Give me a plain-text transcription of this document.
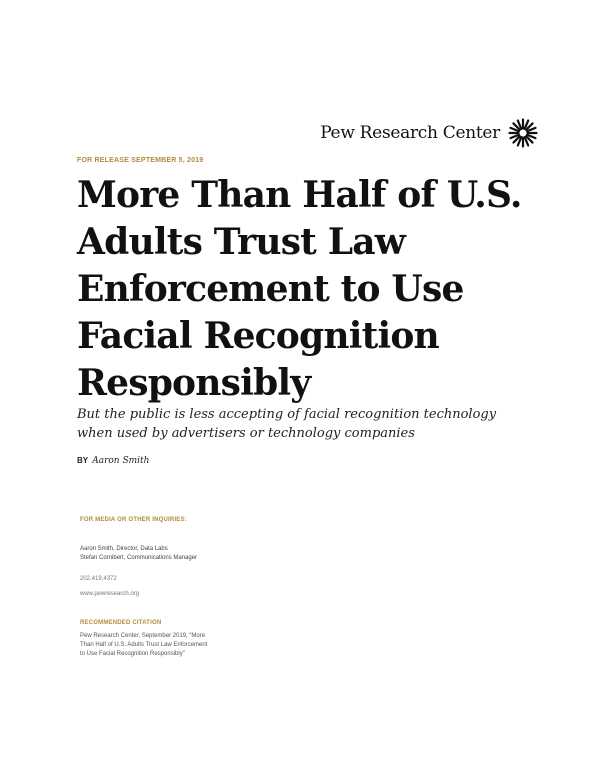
Pew Research Center
FOR RELEASE SEPTEMBER 5, 2019
More Than Half of U.S.
Adults Trust Law
Enforcement to Use
Facial Recognition
Responsibly
But the public is less accepting of facial recognition technology
when used by advertisers or technology companies
BY Aaron Smith
FOR MEDIA OR OTHER INQUIRIES:
Aaron Smith, Director, Data Labs
Stefan Cornibert, Communications Manager
202.419.4372
www.pewresearch.org
RECOMMENDED CITATION
Pew Research Center, September 2019, “More
Than Half of U.S. Adults Trust Law Enforcement
to Use Facial Recognition Responsibly”
